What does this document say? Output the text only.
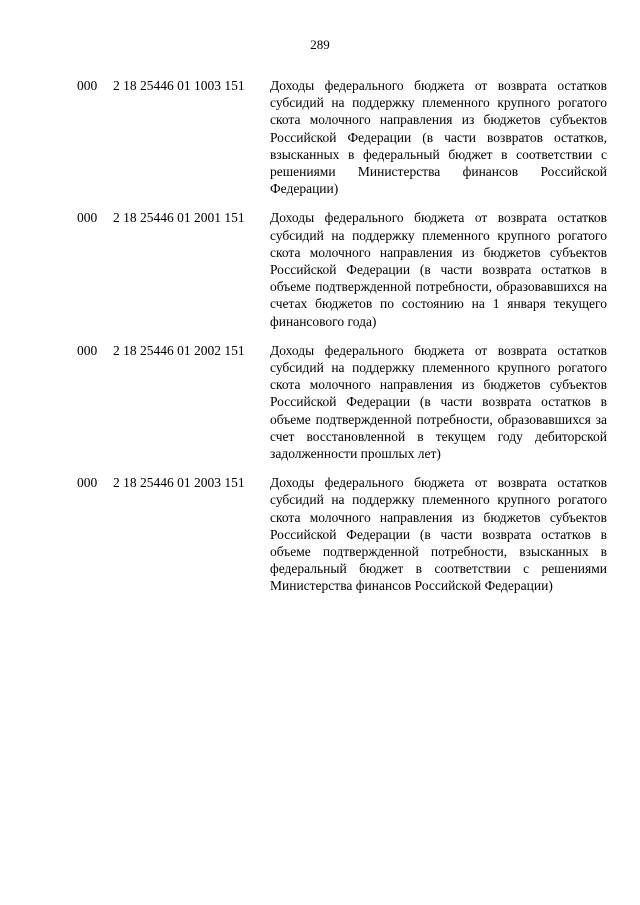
289
000	2 18 25446 01 1003 151	Доходы федерального бюджета от возврата остатков субсидий на поддержку племенного крупного рогатого скота молочного направления из бюджетов субъектов Российской Федерации (в части возвратов остатков, взысканных в федеральный бюджет в соответствии с решениями Министерства финансов Российской Федерации)
000	2 18 25446 01 2001 151	Доходы федерального бюджета от возврата остатков субсидий на поддержку племенного крупного рогатого скота молочного направления из бюджетов субъектов Российской Федерации (в части возврата остатков в объеме подтвержденной потребности, образовавшихся на счетах бюджетов по состоянию на 1 января текущего финансового года)
000	2 18 25446 01 2002 151	Доходы федерального бюджета от возврата остатков субсидий на поддержку племенного крупного рогатого скота молочного направления из бюджетов субъектов Российской Федерации (в части возврата остатков в объеме подтвержденной потребности, образовавшихся за счет восстановленной в текущем году дебиторской задолженности прошлых лет)
000	2 18 25446 01 2003 151	Доходы федерального бюджета от возврата остатков субсидий на поддержку племенного крупного рогатого скота молочного направления из бюджетов субъектов Российской Федерации (в части возврата остатков в объеме подтвержденной потребности, взысканных в федеральный бюджет в соответствии с решениями Министерства финансов Российской Федерации)
